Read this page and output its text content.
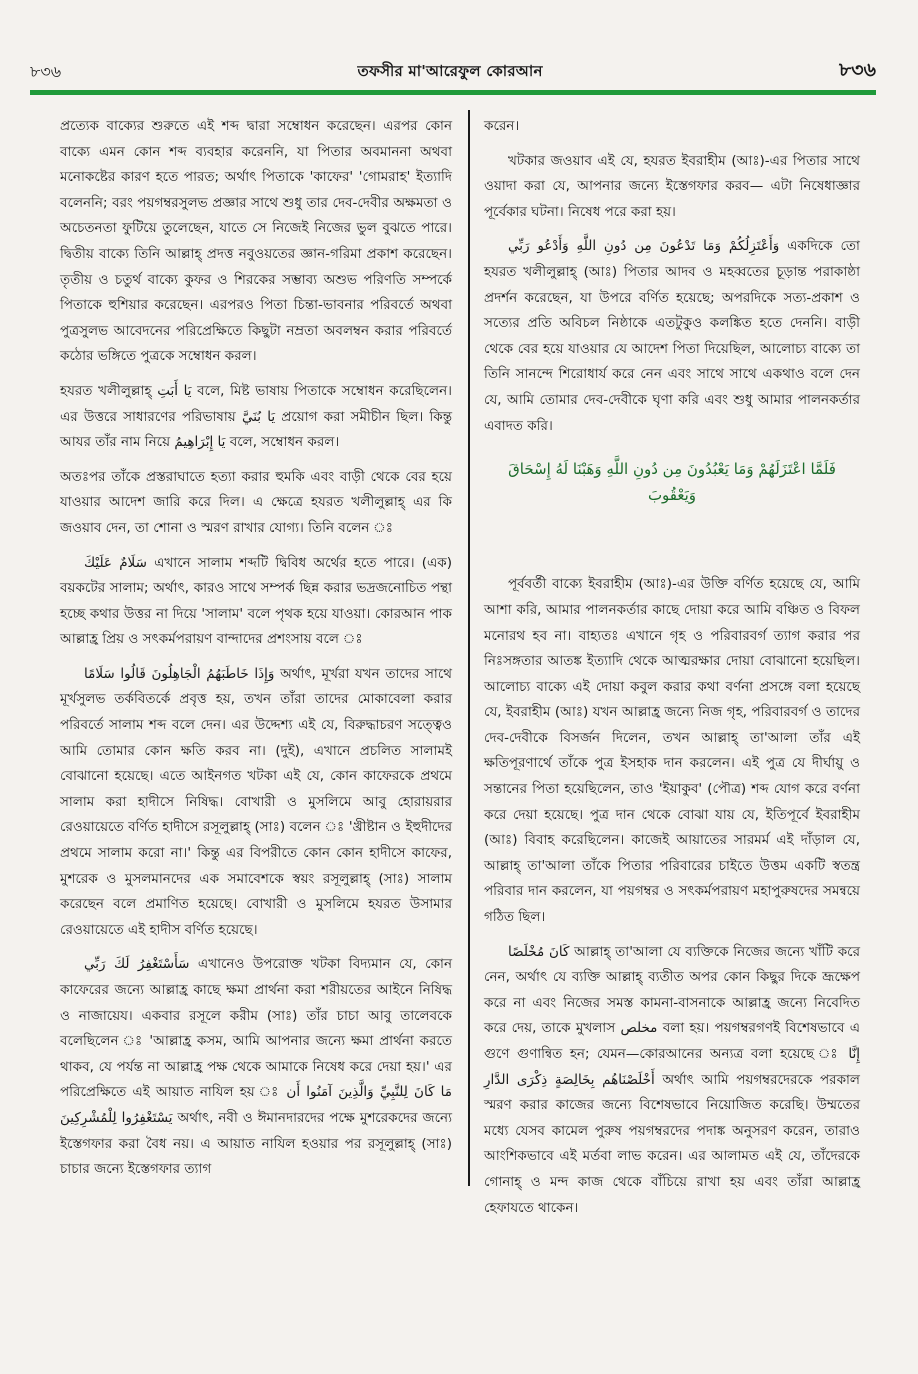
৮৩৬	তফসীর মা'আরেফুল কোরআন	৮৩৬

প্রত্যেক বাক্যের শুরুতে এই শব্দ দ্বারা সম্বোধন করেছেন। এরপর কোন বাক্যে এমন কোন শব্দ ব্যবহার করেননি, যা পিতার অবমাননা অথবা মনোকষ্টের কারণ হতে পারত; অর্থাৎ পিতাকে 'কাফের' 'গোমরাহ' ইত্যাদি বলেননি; বরং পয়গম্বরসুলভ প্রজ্ঞার সাথে শুধু তার দেব-দেবীর অক্ষমতা ও অচেতনতা ফুটিয়ে তুলেছেন, যাতে সে নিজেই নিজের ভুল বুঝতে পারে। দ্বিতীয় বাক্যে তিনি আল্লাহ্ প্রদত্ত নবুওয়তের জ্ঞান-গরিমা প্রকাশ করেছেন। তৃতীয় ও চতুর্থ বাক্যে কুফর ও শিরকের সম্ভাব্য অশুভ পরিণতি সম্পর্কে পিতাকে হুশিয়ার করেছেন। এরপরও পিতা চিন্তা-ভাবনার পরিবর্তে অথবা পুত্রসুলভ আবেদনের পরিপ্রেক্ষিতে কিছুটা নম্রতা অবলম্বন করার পরিবর্তে কঠোর ভঙ্গিতে পুত্রকে সম্বোধন করল।

হযরত খলীলুল্লাহ্ يَا أَبَتِ বলে, মিষ্ট ভাষায় পিতাকে সম্বোধন করেছিলেন। এর উত্তরে সাধারণের পরিভাষায় يَا بُنَيَّ প্রয়োগ করা সমীচীন ছিল। কিন্তু আযর তাঁর নাম নিয়ে يَا إِبْرَاهِيمُ বলে, সম্বোধন করল।

অতঃপর তাঁকে প্রস্তরাঘাতে হত্যা করার হুমকি এবং বাড়ী থেকে বের হয়ে যাওয়ার আদেশ জারি করে দিল। এ ক্ষেত্রে হযরত খলীলুল্লাহ্ এর কি জওয়াব দেন, তা শোনা ও স্মরণ রাখার যোগ্য। তিনি বলেন ঃ

سَلَامٌ عَلَيْكَ এখানে সালাম শব্দটি দ্বিবিধ অর্থের হতে পারে। (এক) বয়কটের সালাম; অর্থাৎ, কারও সাথে সম্পর্ক ছিন্ন করার ভদ্রজনোচিত পন্থা হচ্ছে কথার উত্তর না দিয়ে 'সালাম' বলে পৃথক হয়ে যাওয়া। কোরআন পাক আল্লাহ্র প্রিয় ও সৎকর্মপরায়ণ বান্দাদের প্রশংসায় বলে ঃ

وَإِذَا خَاطَبَهُمُ الْجَاهِلُونَ قَالُوا سَلَامًا অর্থাৎ, মূর্খরা যখন তাদের সাথে মূর্খসুলভ তর্কবিতর্কে প্রবৃত্ত হয়, তখন তাঁরা তাদের মোকাবেলা করার পরিবর্তে সালাম শব্দ বলে দেন। এর উদ্দেশ্য এই যে, বিরুদ্ধাচরণ সত্ত্বেও আমি তোমার কোন ক্ষতি করব না। (দুই), এখানে প্রচলিত সালামই বোঝানো হয়েছে। এতে আইনগত খটকা এই যে, কোন কাফেরকে প্রথমে সালাম করা হাদীসে নিষিদ্ধ। বোখারী ও মুসলিমে আবু হোরায়রার রেওয়ায়েতে বর্ণিত হাদীসে রসূলুল্লাহ্ (সাঃ) বলেন ঃ 'খ্রীষ্টান ও ইহুদীদের প্রথমে সালাম করো না।' কিন্তু এর বিপরীতে কোন কোন হাদীসে কাফের, মুশরেক ও মুসলমানদের এক সমাবেশকে স্বয়ং রসূলুল্লাহ্ (সাঃ) সালাম করেছেন বলে প্রমাণিত হয়েছে। বোখারী ও মুসলিমে হযরত উসামার রেওয়ায়েতে এই হাদীস বর্ণিত হয়েছে।

سَأَسْتَغْفِرُ لَكَ رَبِّي এখানেও উপরোক্ত খটকা বিদ্যমান যে, কোন কাফেরের জন্যে আল্লাহ্র কাছে ক্ষমা প্রার্থনা করা শরীয়তের আইনে নিষিদ্ধ ও নাজায়েয। একবার রসূলে করীম (সাঃ) তাঁর চাচা আবু তালেবকে বলেছিলেন ঃ 'আল্লাহ্র কসম, আমি আপনার জন্যে ক্ষমা প্রার্থনা করতে থাকব, যে পর্যন্ত না আল্লাহ্র পক্ষ থেকে আমাকে নিষেধ করে দেয়া হয়।' এর পরিপ্রেক্ষিতে এই আয়াত নাযিল হয় ঃ مَا كَانَ لِلنَّبِيِّ وَالَّذِينَ آمَنُوا أَن يَسْتَغْفِرُوا لِلْمُشْرِكِينَ অর্থাৎ, নবী ও ঈমানদারদের পক্ষে মুশরেকদের জন্যে ইস্তেগফার করা বৈধ নয়। এ আয়াত নাযিল হওয়ার পর রসূলুল্লাহ্ (সাঃ) চাচার জন্যে ইস্তেগফার ত্যাগ

করেন।

খটকার জওয়াব এই যে, হযরত ইবরাহীম (আঃ)-এর পিতার সাথে ওয়াদা করা যে, আপনার জন্যে ইস্তেগফার করব— এটা নিষেধাজ্ঞার পূর্বেকার ঘটনা। নিষেধ পরে করা হয়।

وَأَعْتَزِلُكُمْ وَمَا تَدْعُونَ مِن دُونِ اللَّهِ وَأَدْعُو رَبِّي একদিকে তো হযরত খলীলুল্লাহ্ (আঃ) পিতার আদব ও মহব্বতের চূড়ান্ত পরাকাষ্ঠা প্রদর্শন করেছেন, যা উপরে বর্ণিত হয়েছে; অপরদিকে সত্য-প্রকাশ ও সত্যের প্রতি অবিচল নিষ্ঠাকে এতটুকুও কলঙ্কিত হতে দেননি। বাড়ী থেকে বের হয়ে যাওয়ার যে আদেশ পিতা দিয়েছিল, আলোচ্য বাক্যে তা তিনি সানন্দে শিরোধার্য করে নেন এবং সাথে সাথে একথাও বলে দেন যে, আমি তোমার দেব-দেবীকে ঘৃণা করি এবং শুধু আমার পালনকর্তার এবাদত করি।

فَلَمَّا اعْتَزَلَهُمْ وَمَا يَعْبُدُونَ مِن دُونِ اللَّهِ وَهَبْنَا لَهُ إِسْحَاقَ وَيَعْقُوبَ

পূর্ববর্তী বাক্যে ইবরাহীম (আঃ)-এর উক্তি বর্ণিত হয়েছে যে, আমি আশা করি, আমার পালনকর্তার কাছে দোয়া করে আমি বঞ্চিত ও বিফল মনোরথ হব না। বাহ্যতঃ এখানে গৃহ ও পরিবারবর্গ ত্যাগ করার পর নিঃসঙ্গতার আতঙ্ক ইত্যাদি থেকে আত্মরক্ষার দোয়া বোঝানো হয়েছিল। আলোচ্য বাক্যে এই দোয়া কবুল করার কথা বর্ণনা প্রসঙ্গে বলা হয়েছে যে, ইবরাহীম (আঃ) যখন আল্লাহ্র জন্যে নিজ গৃহ, পরিবারবর্গ ও তাদের দেব-দেবীকে বিসর্জন দিলেন, তখন আল্লাহ্ তা'আলা তাঁর এই ক্ষতিপূরণার্থে তাঁকে পুত্র ইসহাক দান করলেন। এই পুত্র যে দীর্ঘায়ু ও সন্তানের পিতা হয়েছিলেন, তাও 'ইয়াকুব' (পৌত্র) শব্দ যোগ করে বর্ণনা করে দেয়া হয়েছে। পুত্র দান থেকে বোঝা যায় যে, ইতিপূর্বে ইবরাহীম (আঃ) বিবাহ করেছিলেন। কাজেই আয়াতের সারমর্ম এই দাঁড়াল যে, আল্লাহ্ তা'আলা তাঁকে পিতার পরিবারের চাইতে উত্তম একটি স্বতন্ত্র পরিবার দান করলেন, যা পয়গম্বর ও সৎকর্মপরায়ণ মহাপুরুষদের সমন্বয়ে গঠিত ছিল।

كَانَ مُخْلَصًا আল্লাহ্ তা'আলা যে ব্যক্তিকে নিজের জন্যে খাঁটি করে নেন, অর্থাৎ যে ব্যক্তি আল্লাহ্ ব্যতীত অপর কোন কিছুর দিকে ভ্রূক্ষেপ করে না এবং নিজের সমস্ত কামনা-বাসনাকে আল্লাহ্র জন্যে নিবেদিত করে দেয়, তাকে মুখলাস مخلص বলা হয়। পয়গম্বরগণই বিশেষভাবে এ গুণে গুণান্বিত হন; যেমন—কোরআনের অন্যত্র বলা হয়েছে ঃ إِنَّا أَخْلَصْنَاهُم بِخَالِصَةٍ ذِكْرَى الدَّارِ অর্থাৎ আমি পয়গম্বরদেরকে পরকাল স্মরণ করার কাজের জন্যে বিশেষভাবে নিয়োজিত করেছি। উম্মতের মধ্যে যেসব কামেল পুরুষ পয়গম্বরদের পদাঙ্ক অনুসরণ করেন, তারাও আংশিকভাবে এই মর্তবা লাভ করেন। এর আলামত এই যে, তাঁদেরকে গোনাহ্ ও মন্দ কাজ থেকে বাঁচিয়ে রাখা হয় এবং তাঁরা আল্লাহ্র হেফাযতে থাকেন।
